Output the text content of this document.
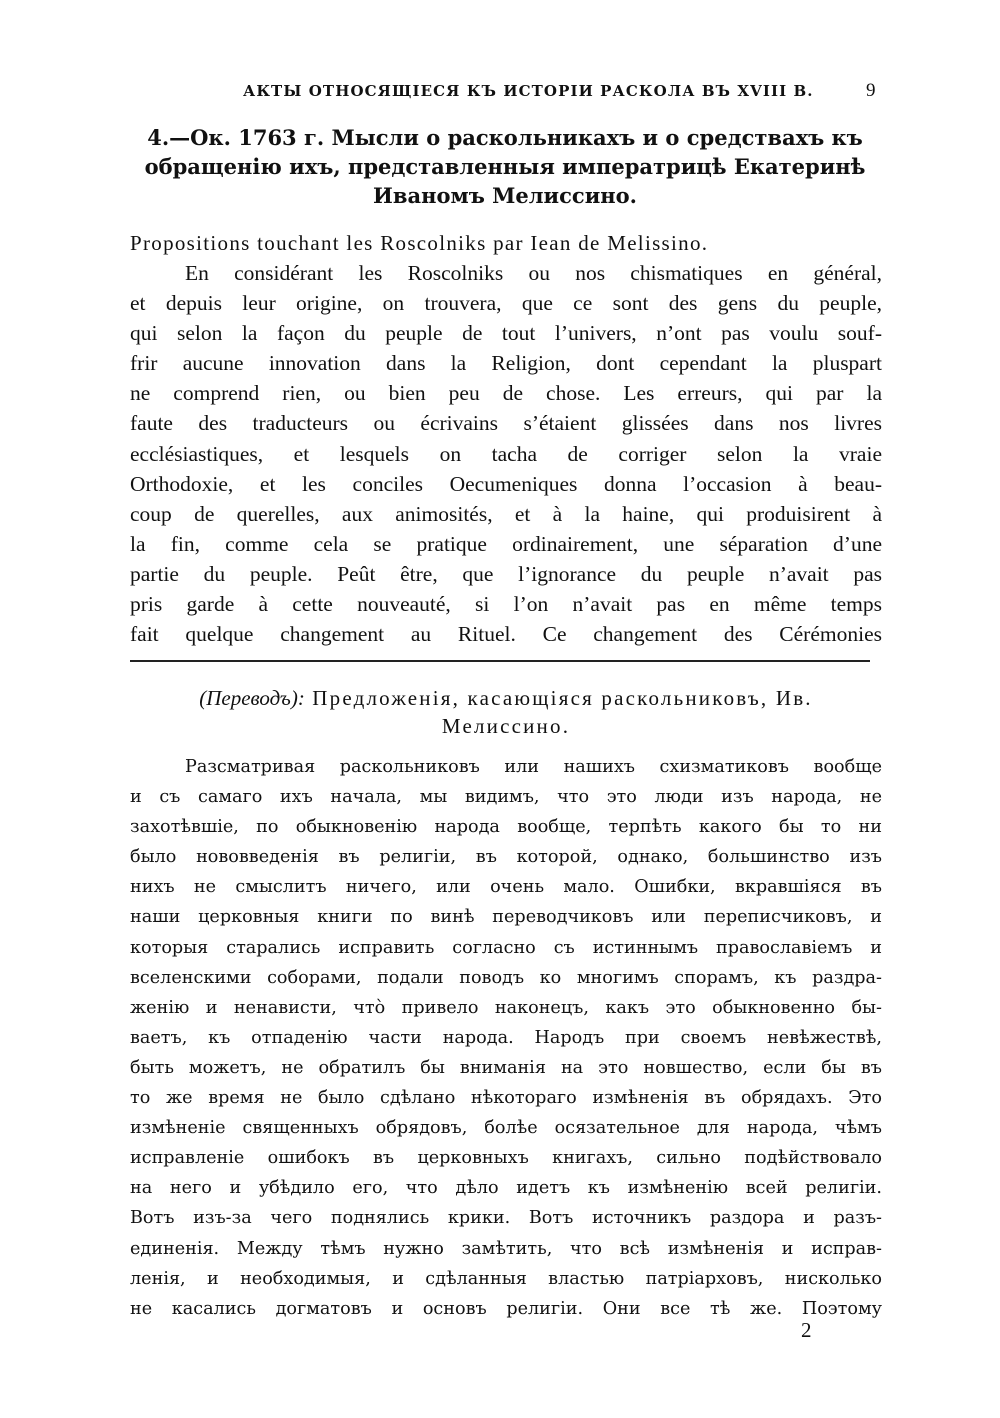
АКТЫ ОТНОСЯЩІЕСЯ КЪ ИСТОРІИ РАСКОЛА ВЪ XVIII В.	9
4.—Ок. 1763 г. Мысли о раскольникахъ и о средствахъ къ
обращенію ихъ, представленныя императрицѣ Екатеринѣ
Иваномъ Мелиссино.
Propositions touchant les Roscolniks par Iean de Melissino.
En considérant les Roscolniks ou nos chismatiques en général,
et depuis leur origine, on trouvera, que ce sont des gens du peuple,
qui selon la façon du peuple de tout l’univers, n’ont pas voulu souf-
frir aucune innovation dans la Religion, dont cependant la pluspart
ne comprend rien, ou bien peu de chose. Les erreurs, qui par la
faute des traducteurs ou écrivains s’étaient glissées dans nos livres
ecclésiastiques, et lesquels on tacha de corriger selon la vraie
Orthodoxie, et les conciles Oecumeniques donna l’occasion à beau-
coup de querelles, aux animosités, et à la haine, qui produisirent à
la fin, comme cela se pratique ordinairement, une séparation d’une
partie du peuple. Peût être, que l’ignorance du peuple n’avait pas
pris garde à cette nouveauté, si l’on n’avait pas en même temps
fait quelque changement au Rituel. Ce changement des Cérémonies
(Переводъ): Предложенія, касающіяся раскольниковъ, Ив.
Мелиссино.
Разсматривая раскольниковъ или нашихъ схизматиковъ вообще
и съ самаго ихъ начала, мы видимъ, что это люди изъ народа, не
захотѣвшіе, по обыкновенію народа вообще, терпѣть какого бы то ни
было нововведенія въ религіи, въ которой, однако, большинство изъ
нихъ не смыслитъ ничего, или очень мало. Ошибки, вкравшіяся въ
наши церковныя книги по винѣ переводчиковъ или переписчиковъ, и
которыя старались исправить согласно съ истиннымъ православіемъ и
вселенскими соборами, подали поводъ ко многимъ спорамъ, къ раздра-
женію и ненависти, что̀ привело наконецъ, какъ это обыкновенно бы-
ваетъ, къ отпаденію части народа. Народъ при своемъ невѣжествѣ,
быть можетъ, не обратилъ бы вниманія на это новшество, если бы въ
то же время не было сдѣлано нѣкотораго измѣненія въ обрядахъ. Это
измѣненіе священныхъ обрядовъ, болѣе осязательное для народа, чѣмъ
исправленіе ошибокъ въ церковныхъ книгахъ, сильно подѣйствовало
на него и убѣдило его, что дѣло идетъ къ измѣненію всей религіи.
Вотъ изъ-за чего поднялись крики. Вотъ источникъ раздора и разъ-
единенія. Между тѣмъ нужно замѣтить, что всѣ измѣненія и исправ-
ленія, и необходимыя, и сдѣланныя властью патріарховъ, нисколько
не касались догматовъ и основъ религіи. Они все тѣ же. Поэтому
2
